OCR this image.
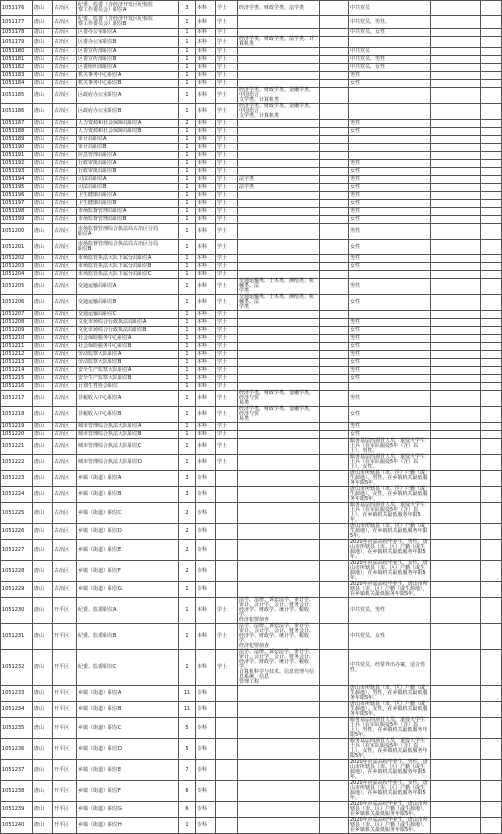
1051176	唐山	古冶区	纪委、监委（含经济开发区纪检监
察工作委员会）职位A	3	本科	学士	经济学类、财政学类、法学类		中共党员		
1051177	唐山	古冶区	纪委、监委（含经济开发区纪检监
察工作委员会）职位B	1	本科	学士			中共党员，男性。		
1051178	唐山	古冶区	区委办公室职位A	1	本科	学士			中共党员，女性		
1051179	唐山	古冶区	区委办公室职位B	1	本科	学士	经济学类、财政学类、法学类、计算机类				
1051180	唐山	古冶区	区委宣传部职位A	1	本科	学士			中共党员		
1051181	唐山	古冶区	区委宣传部职位B	1	本科	学士			中共党员，男性		
1051182	唐山	古冶区	区委组织部职位A	1	本科	学士			中共党员，女性		
1051183	唐山	古冶区	机关事务中心职位A	1	本科	学士			男性		
1051184	唐山	古冶区	机关事务中心职位B	1	本科	学士			女性		
1051185	唐山	古冶区	区政府办公室职位A	1	本科	学士	经济学类、财政学类、金融学类、中国语言
文学类、计算机类				
1051186	唐山	古冶区	区政府办公室职位B	1	本科	学士	经济学类、财政学类、金融学类、中国语言
文学类、计算机类				
1051187	唐山	古冶区	人力资源和社会保障局职位A	2	本科	学士			男性		
1051188	唐山	古冶区	人力资源和社会保障局职位B	1	本科	学士			女性		
1051189	唐山	古冶区	审计局职位A	1	本科	学士					
1051190	唐山	古冶区	审计局职位B	1	本科	学士					
1051191	唐山	古冶区	应急管理局职位A	1	本科	学士					
1051192	唐山	古冶区	行政审批局职位A	1	本科	学士			男性		
1051193	唐山	古冶区	行政审批局职位B	1	本科	学士			女性		
1051194	唐山	古冶区	司法局职位A	1	本科	学士	法学类		男性		
1051195	唐山	古冶区	司法局职位B	1	本科	学士	法学类		女性		
1051196	唐山	古冶区	卫生健康局职位A	1	本科	学士			男性		
1051197	唐山	古冶区	卫生健康局职位B	1	本科	学士			女性		
1051198	唐山	古冶区	市场监督管理局职位A	1	本科	学士			男性		
1051199	唐山	古冶区	市场监督管理局职位B	1	本科	学士			女性		
1051200	唐山	古冶区	市场监督管理综合执法局古冶区分局
职位A	1	本科	学士			男性		
1051201	唐山	古冶区	市场监督管理综合执法局古冶区分局
职位B	1	本科	学士			女性		
1051202	唐山	古冶区	市场监管执法大队下属分局职位A	1	本科	学士			男性		
1051203	唐山	古冶区	市场监管执法大队下属分局职位B	1	本科	学士			女性		
1051204	唐山	古冶区	市场监管执法大队下属分局职位C	1	本科	学士					
1051205	唐山	古冶区	交通运输局职位A	1	本科	学士	交通运输类、土木类、测绘类、机械类、法
学类		男性		
1051206	唐山	古冶区	交通运输局职位B	1	本科	学士	交通运输类、土木类、测绘类、机械类、法
学类		女性		
1051207	唐山	古冶区	交通运输局职位C	1	本科	学士					
1051208	唐山	古冶区	文化市场综合行政执法局职位A	1	本科	学士			男性		
1051209	唐山	古冶区	文化市场综合行政执法局职位B	1	本科	学士			女性		
1051210	唐山	古冶区	社会保险服务中心职位A	1	本科	学士			男性		
1051211	唐山	古冶区	社会保险服务中心职位B	1	本科	学士			女性		
1051212	唐山	古冶区	劳动监察大队职位A	1	本科	学士			男性		
1051213	唐山	古冶区	劳动监察大队职位B	1	本科	学士			女性		
1051214	唐山	古冶区	安全生产监察大队职位A	1	本科	学士			男性		
1051215	唐山	古冶区	安全生产监察大队职位B	1	本科	学士			女性		
1051216	唐山	古冶区	计划生育协会职位	1	本科	学士					
1051217	唐山	古冶区	非税收入中心职位A	1	本科	学士	经济学类、财政学类、金融学类、经济与贸
易类		男性		
1051218	唐山	古冶区	非税收入中心职位B	1	本科	学士	经济学类、财政学类、金融学类、经济与贸
易类		女性		
1051219	唐山	古冶区	城市管理综合执法大队职位A	1	本科	学士			男性		
1051220	唐山	古冶区	城市管理综合执法大队职位B	1	本科	学士			女性		
1051221	唐山	古冶区	城市管理综合执法大队职位C	1	本科	学士			服务基层四项目人员，退役大学生士兵（在军队服役5年（含）以上），男性。		
1051222	唐山	古冶区	城市管理综合执法大队职位D	1	本科	学士			服务基层四项目人员，退役大学生士兵（在军队服役5年（含）以上），女性。		
1051223	唐山	古冶区	乡镇（街道）职位A	3	专科				唐山市所辖县（市、区）户籍（或生源地），男性，在乡镇机关最低服务年限5年。		
1051224	唐山	古冶区	乡镇（街道）职位B	3	专科				唐山市所辖县（市、区）户籍（或生源地），女性，在乡镇机关最低服务年限5年。		
1051225	唐山	古冶区	乡镇（街道）职位C	2	专科				服务基层四项目人员，退役大学生士兵（在军队服役5年（含）以上），在乡镇机关最低服务年限5年。		
1051226	唐山	古冶区	乡镇（街道）职位D	2	专科				唐山市所辖县（市、区）户籍（或生源地），在乡镇机关最低服务年限5年。		
1051227	唐山	古冶区	乡镇（街道）职位E	2	专科				2020年应届高校毕业生，男性，唐山市所辖县（市、区）户籍（或生源地），在乡镇机关最低服务年限5年。		
1051228	唐山	古冶区	乡镇（街道）职位F	2	专科				2020年应届高校毕业生，女性，唐山市所辖县（市、区）户籍（或生源地），在乡镇机关最低服务年限5年。		
1051229	唐山	古冶区	乡镇（街道）职位G	1	专科				2020年应届高校毕业生，唐山市所辖县（市、区）户籍（或生源地），在乡镇机关最低服务年限5年。		
1051230	唐山	开平区	纪委、监委职位A	1	本科	学士	法学、法律、诉讼法学、审计学、
审计、会计学、会计、财务会计、
经济学、财政学、统计学、税收学、
经济犯罪侦查		中共党员，男性		
1051231	唐山	开平区	纪委、监委职位B	1	本科	学士	法学、法律、诉讼法学、审计学、
审计、会计学、会计、财务会计、
经济学、财政学、统计学、税收学、
经济犯罪侦查		中共党员，女性		
1051232	唐山	开平区	纪委、监委职位C	1	本科	学士	法学、法律、诉讼法学、审计学、
审计、会计学、会计、财务会计、
经济学、财政学、统计学、税收学、
计算机科学与技术、信息管理与信息系统、信息
管理工程		中共党员，经常外出办案，适合男性。		
1051233	唐山	开平区	乡镇（街道）职位A	11	专科				唐山市所辖县（市、区）户籍（或生源地），男性，在乡镇机关最低服务年限5年。		
1051234	唐山	开平区	乡镇（街道）职位B	11	专科				唐山市所辖县（市、区）户籍（或生源地），女性，在乡镇机关最低服务年限5年。		
1051235	唐山	开平区	乡镇（街道）职位C	5	专科				服务基层四项目人员，退役大学生士兵（在军队服役5年（含）以上），男性，在乡镇机关最低服务年限5年。		
1051236	唐山	开平区	乡镇（街道）职位D	5	专科				服务基层四项目人员，退役大学生士兵（在军队服役5年（含）以上），女性，在乡镇机关最低服务年限5年。		
1051237	唐山	开平区	乡镇（街道）职位E	7	专科				2020年应届高校毕业生，男性，唐山市所辖县（市、区）户籍（或生源地），在乡镇机关最低服务年限5年。		
1051238	唐山	开平区	乡镇（街道）职位F	6	专科				2020年应届高校毕业生，女性，唐山市所辖县（市、区）户籍（或生源地），在乡镇机关最低服务年限5年。		
1051239	唐山	开平区	乡镇（街道）职位G	6	专科				2020年应届高校毕业生，唐山市所辖县（市、区）户籍（或生源地），在乡镇机关最低服务年限5年。		
1051240	唐山	开平区	乡镇（街道）职位H	1	专科				2020年应届高校毕业生，唐山市所辖县（市、区）户籍（或生源地），在乡镇机关最低服务年限5年。		
